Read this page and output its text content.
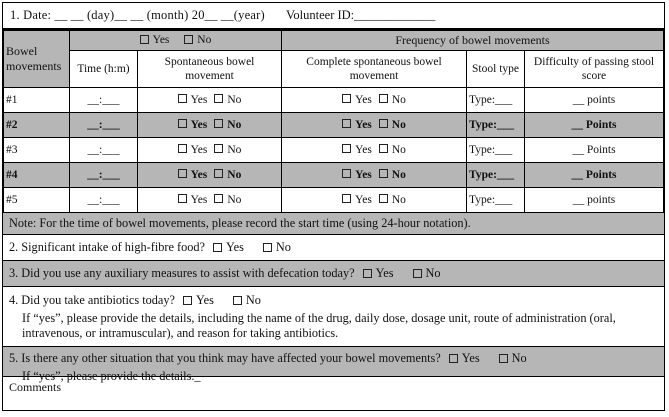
1. Date: __ __ (day)__ __ (month) 20__ __(year) Volunteer ID:_____________
Bowel movements	Yes No		Frequency of bowel movements		
	Time (h:m)	Spontaneous bowel movement	Complete spontaneous bowel movement	Stool type	Difficulty of passing stool score
#1	__:___	Yes No	Yes No	Type:___	__ points
#2	__:___	Yes No	Yes No	Type:___	__ Points
#3	__:___	Yes No	Yes No	Type:___	__ Points
#4	__:___	Yes No	Yes No	Type:___	__ Points
#5	__:___	Yes No	Yes No	Type:___	__ points
Note: For the time of bowel movements, please record the start time (using 24-hour notation).
2. Significant intake of high-fibre food? Yes	No
3. Did you use any auxiliary measures to assist with defecation today? Yes	No
4. Did you take antibiotics today? Yes	No
If “yes”, please provide the details, including the name of the drug, daily dose, dosage unit, route of administration (oral, intravenous, or intramuscular), and reason for taking antibiotics.
5. Is there any other situation that you think may have affected your bowel movements? Yes	No
If “yes”, please provide the details._
Comments
